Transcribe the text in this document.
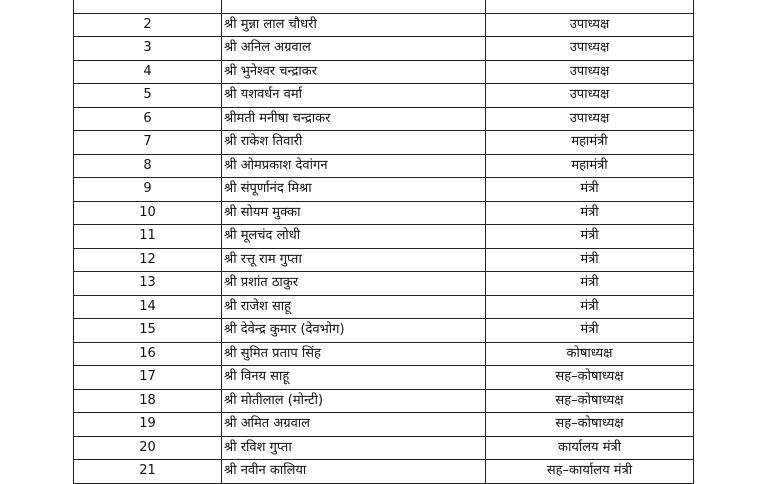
2	श्री मुन्ना लाल चौधरी	उपाध्यक्ष
3	श्री अनिल अग्रवाल	उपाध्यक्ष
4	श्री भुनेश्वर चन्द्राकर	उपाध्यक्ष
5	श्री यशवर्धन वर्मा	उपाध्यक्ष
6	श्रीमती मनीषा चन्द्राकर	उपाध्यक्ष
7	श्री राकेश तिवारी	महामंत्री
8	श्री ओमप्रकाश देवांगन	महामंत्री
9	श्री संपूर्णानंद मिश्रा	मंत्री
10	श्री सोयम मुक्का	मंत्री
11	श्री मूलचंद लोधी	मंत्री
12	श्री रत्तू राम गुप्ता	मंत्री
13	श्री प्रशांत ठाकुर	मंत्री
14	श्री राजेश साहू	मंत्री
15	श्री देवेन्द्र कुमार (देवभोग)	मंत्री
16	श्री सुमित प्रताप सिंह	कोषाध्यक्ष
17	श्री विनय साहू	सह–कोषाध्यक्ष
18	श्री मोतीलाल (मोन्टी)	सह–कोषाध्यक्ष
19	श्री अमित अग्रवाल	सह–कोषाध्यक्ष
20	श्री रविश गुप्ता	कार्यालय मंत्री
21	श्री नवीन कालिया	सह–कार्यालय मंत्री
